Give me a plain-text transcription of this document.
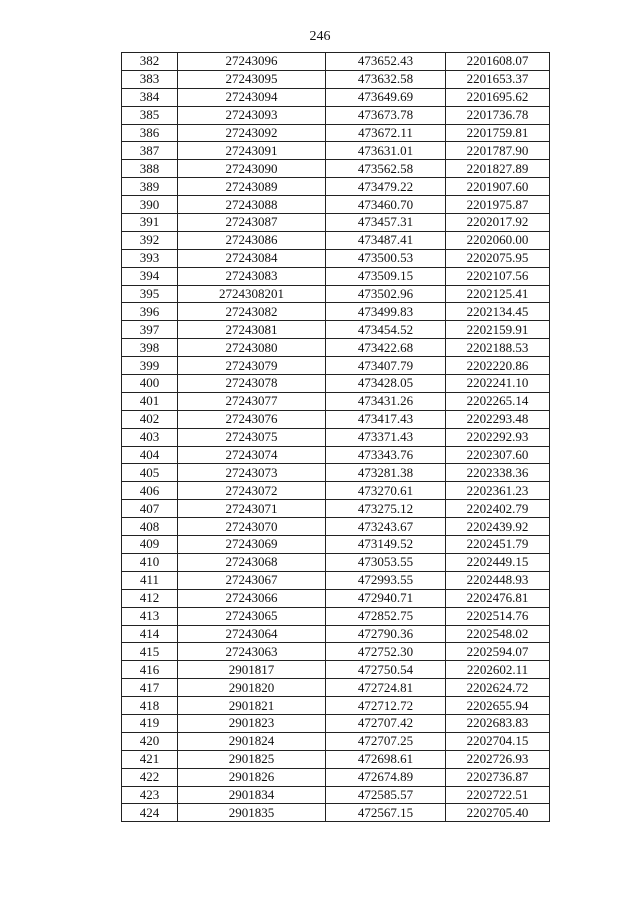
246
382	27243096	473652.43	2201608.07
383	27243095	473632.58	2201653.37
384	27243094	473649.69	2201695.62
385	27243093	473673.78	2201736.78
386	27243092	473672.11	2201759.81
387	27243091	473631.01	2201787.90
388	27243090	473562.58	2201827.89
389	27243089	473479.22	2201907.60
390	27243088	473460.70	2201975.87
391	27243087	473457.31	2202017.92
392	27243086	473487.41	2202060.00
393	27243084	473500.53	2202075.95
394	27243083	473509.15	2202107.56
395	2724308201	473502.96	2202125.41
396	27243082	473499.83	2202134.45
397	27243081	473454.52	2202159.91
398	27243080	473422.68	2202188.53
399	27243079	473407.79	2202220.86
400	27243078	473428.05	2202241.10
401	27243077	473431.26	2202265.14
402	27243076	473417.43	2202293.48
403	27243075	473371.43	2202292.93
404	27243074	473343.76	2202307.60
405	27243073	473281.38	2202338.36
406	27243072	473270.61	2202361.23
407	27243071	473275.12	2202402.79
408	27243070	473243.67	2202439.92
409	27243069	473149.52	2202451.79
410	27243068	473053.55	2202449.15
411	27243067	472993.55	2202448.93
412	27243066	472940.71	2202476.81
413	27243065	472852.75	2202514.76
414	27243064	472790.36	2202548.02
415	27243063	472752.30	2202594.07
416	2901817	472750.54	2202602.11
417	2901820	472724.81	2202624.72
418	2901821	472712.72	2202655.94
419	2901823	472707.42	2202683.83
420	2901824	472707.25	2202704.15
421	2901825	472698.61	2202726.93
422	2901826	472674.89	2202736.87
423	2901834	472585.57	2202722.51
424	2901835	472567.15	2202705.40
